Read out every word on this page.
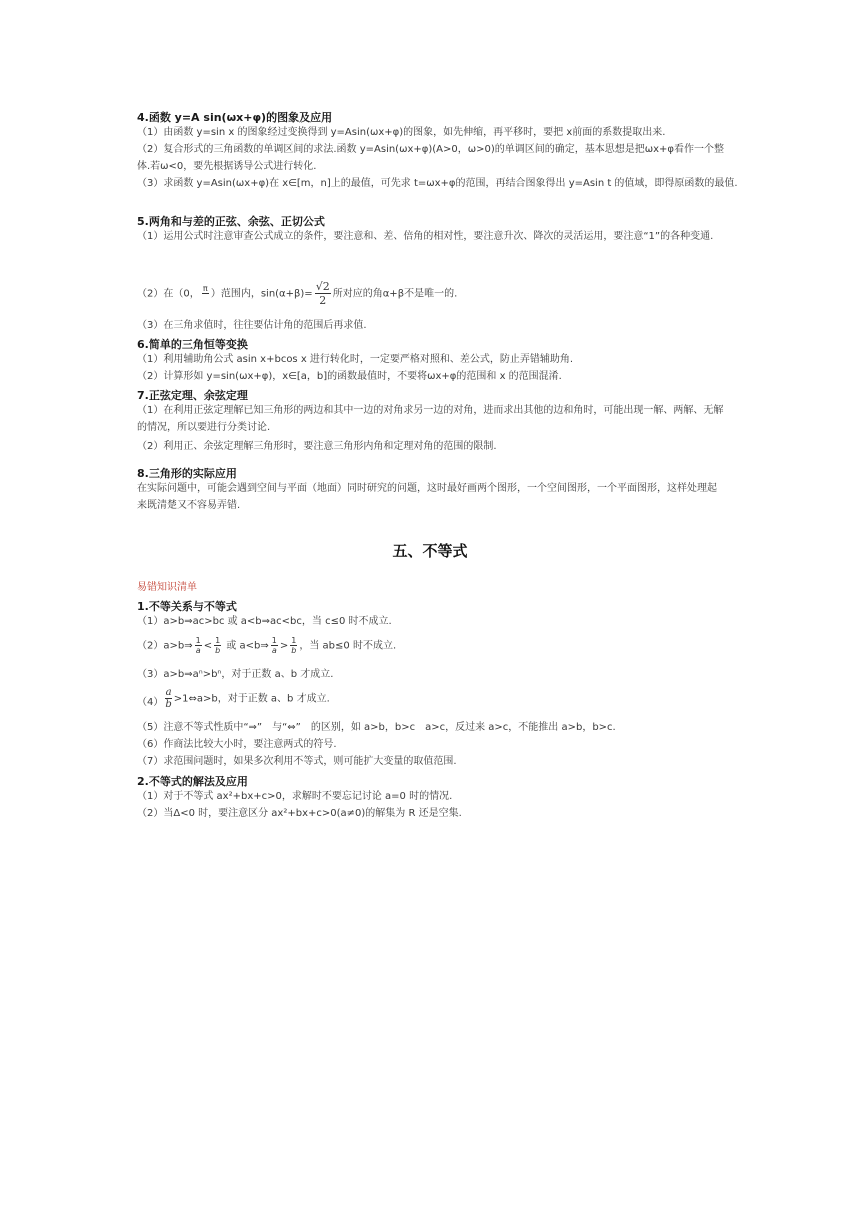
4.函数 y=A sin(ωx+φ)的图象及应用
（1）由函数 y=sin x 的图象经过变换得到 y=Asin(ωx+φ)的图象，如先伸缩，再平移时，要把 x前面的系数提取出来.
（2）复合形式的三角函数的单调区间的求法.函数 y=Asin(ωx+φ)(A>0，ω>0)的单调区间的确定，基本思想是把ωx+φ看作一个整
体.若ω<0，要先根据诱导公式进行转化.
（3）求函数 y=Asin(ωx+φ)在 x∈[m，n]上的最值，可先求 t=ωx+φ的范围，再结合图象得出 y=Asin t 的值域，即得原函数的最值.
5.两角和与差的正弦、余弦、正切公式
（1）运用公式时注意审查公式成立的条件，要注意和、差、倍角的相对性，要注意升次、降次的灵活运用，要注意“1”的各种变通.
（2）在（0， π ）范围内，$\sin(\alpha+\beta)= \frac{√2}{2}$ 所对应的角α+β不是唯一的.
（3）在三角求值时，往往要估计角的范围后再求值.
6.简单的三角恒等变换
（1）利用辅助角公式 asin x+bcos x 进行转化时，一定要严格对照和、差公式，防止弄错辅助角.
（2）计算形如 y=sin(ωx+φ)，x∈[a，b]的函数最值时，不要将ωx+φ的范围和 x 的范围混淆.
7.正弦定理、余弦定理
（1）在利用正弦定理解已知三角形的两边和其中一边的对角求另一边的对角，进而求出其他的边和角时，可能出现一解、两解、无解
的情况，所以要进行分类讨论.
（2）利用正、余弦定理解三角形时，要注意三角形内角和定理对角的范围的限制.
8.三角形的实际应用
在实际问题中，可能会遇到空间与平面（地面）同时研究的问题，这时最好画两个图形，一个空间图形，一个平面图形，这样处理起
来既清楚又不容易弄错.
五、不等式
易错知识清单
1.不等关系与不等式
（1）a>b⇒ac>bc 或 a<b⇒ac<bc，当 c≤0 时不成立.
（2）a>b⇒ $\frac{1}{a} < \frac{1}{b}$ 或 a<b⇒ $\frac{1}{a} > \frac{1}{b}$ ，当 ab≤0 时不成立.
（3）a>b⇒aⁿ>bⁿ，对于正数 a、b 才成立.
$(4) \frac{a}{b}$ >1⇔a>b，对于正数 a、b 才成立.
（5）注意不等式性质中“⇒”　与“⇔”　的区别，如 a>b，b>c　a>c，反过来 a>c，不能推出 a>b，b>c.
（6）作商法比较大小时，要注意两式的符号.
（7）求范围问题时，如果多次利用不等式，则可能扩大变量的取值范围.
2.不等式的解法及应用
（1）对于不等式 ax²+bx+c>0，求解时不要忘记讨论 a=0 时的情况.
（2）当Δ<0 时，要注意区分 ax²+bx+c>0(a≠0)的解集为 R 还是空集.
